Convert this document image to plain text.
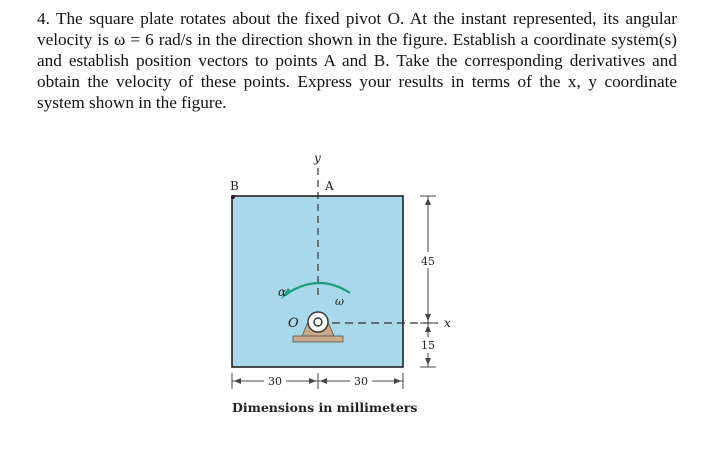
4. The square plate rotates about the fixed pivot O. At the instant represented, its angular velocity is ω = 6 rad/s in the direction shown in the figure. Establish a coordinate system(s) and establish position vectors to points A and B. Take the corresponding derivatives and obtain the velocity of these points. Express your results in terms of the x, y coordinate system shown in the figure.

y
x
A
B
α
ω
O
45
15
30	30
Dimensions in millimeters
